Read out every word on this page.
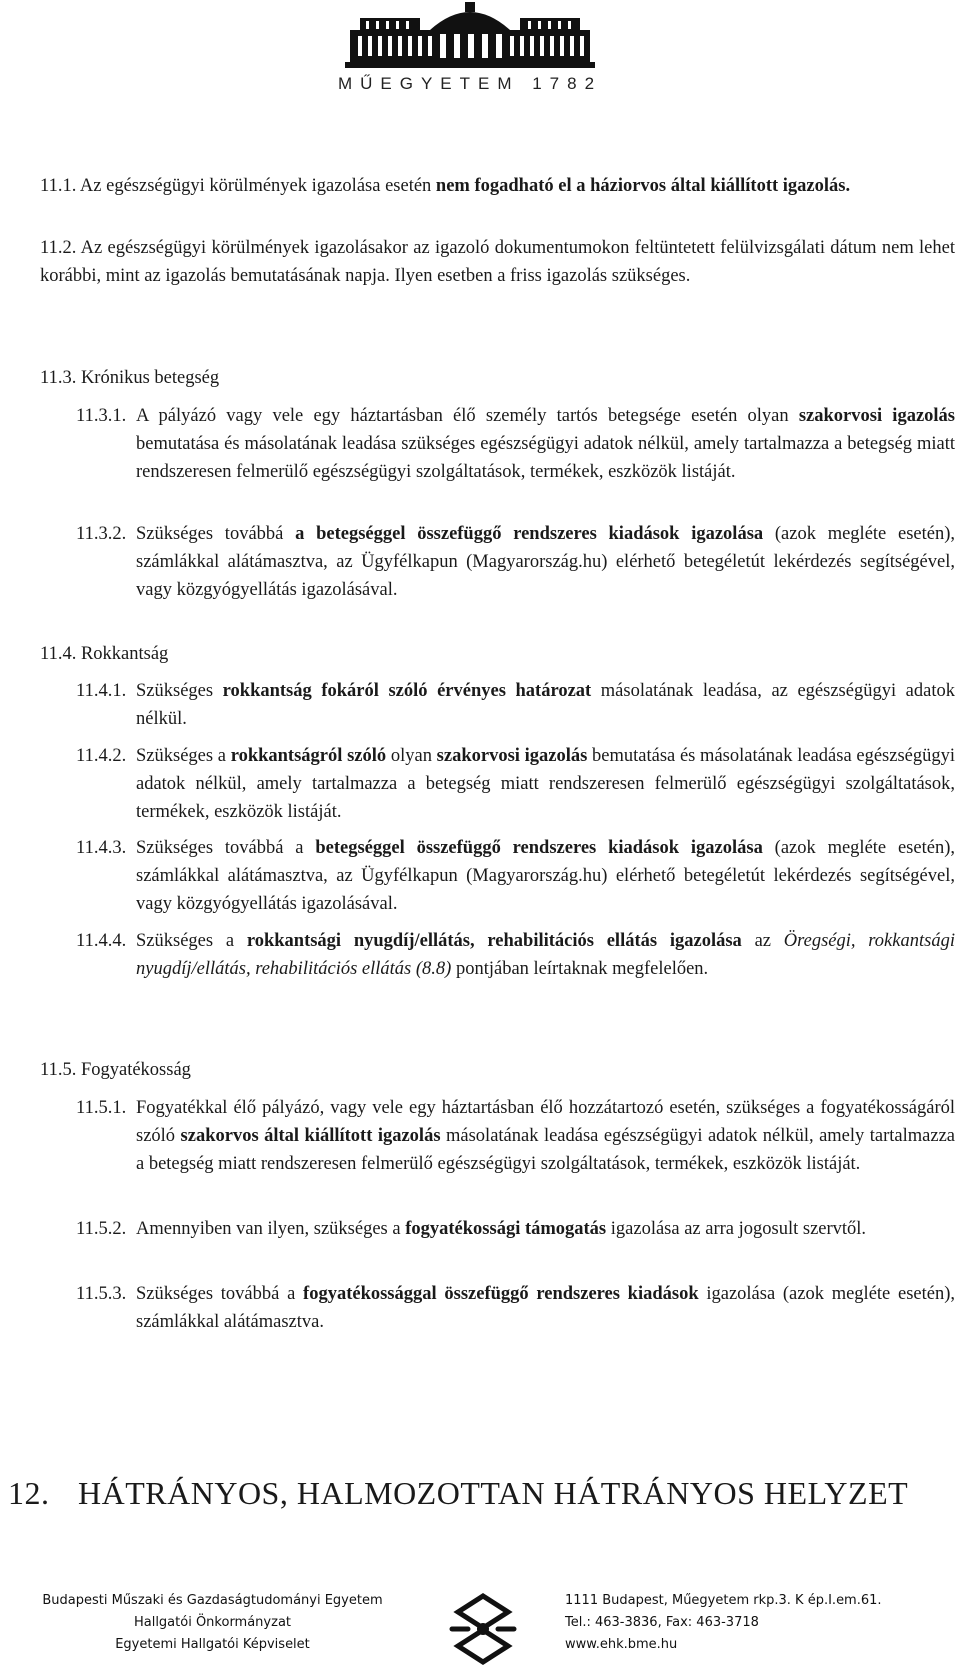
MŰEGYETEM 1782

11.1. Az egészségügyi körülmények igazolása esetén nem fogadható el a háziorvos által kiállított igazolás.

11.2. Az egészségügyi körülmények igazolásakor az igazoló dokumentumokon feltüntetett felülvizsgálati dátum nem lehet korábbi, mint az igazolás bemutatásának napja. Ilyen esetben a friss igazolás szükséges.

11.3. Krónikus betegség

11.3.1. A pályázó vagy vele egy háztartásban élő személy tartós betegsége esetén olyan szakorvosi igazolás bemutatása és másolatának leadása szükséges egészségügyi adatok nélkül, amely tartalmazza a betegség miatt rendszeresen felmerülő egészségügyi szolgáltatások, termékek, eszközök listáját.
11.3.2. Szükséges továbbá a betegséggel összefüggő rendszeres kiadások igazolása (azok megléte esetén), számlákkal alátámasztva, az Ügyfélkapun (Magyarország.hu) elérhető betegéletút lekérdezés segítségével, vagy közgyógyellátás igazolásával.

11.4. Rokkantság

11.4.1. Szükséges rokkantság fokáról szóló érvényes határozat másolatának leadása, az egészségügyi adatok nélkül.
11.4.2. Szükséges a rokkantságról szóló olyan szakorvosi igazolás bemutatása és másolatának leadása egészségügyi adatok nélkül, amely tartalmazza a betegség miatt rendszeresen felmerülő egészségügyi szolgáltatások, termékek, eszközök listáját.
11.4.3. Szükséges továbbá a betegséggel összefüggő rendszeres kiadások igazolása (azok megléte esetén), számlákkal alátámasztva, az Ügyfélkapun (Magyarország.hu) elérhető betegéletút lekérdezés segítségével, vagy közgyógyellátás igazolásával.
11.4.4. Szükséges a rokkantsági nyugdíj/ellátás, rehabilitációs ellátás igazolása az Öregségi, rokkantsági nyugdíj/ellátás, rehabilitációs ellátás (8.8) pontjában leírtaknak megfelelően.

11.5. Fogyatékosság

11.5.1. Fogyatékkal élő pályázó, vagy vele egy háztartásban élő hozzátartozó esetén, szükséges a fogyatékosságáról szóló szakorvos által kiállított igazolás másolatának leadása egészségügyi adatok nélkül, amely tartalmazza a betegség miatt rendszeresen felmerülő egészségügyi szolgáltatások, termékek, eszközök listáját.
11.5.2. Amennyiben van ilyen, szükséges a fogyatékossági támogatás igazolása az arra jogosult szervtől.
11.5.3. Szükséges továbbá a fogyatékossággal összefüggő rendszeres kiadások igazolása (azok megléte esetén), számlákkal alátámasztva.
12. HÁTRÁNYOS, HALMOZOTTAN HÁTRÁNYOS HELYZET
Budapesti Műszaki és Gazdaságtudományi Egyetem
Hallgatói Önkormányzat
Egyetemi Hallgatói Képviselet
1111 Budapest, Műegyetem rkp.3. K ép.I.em.61.
Tel.: 463-3836, Fax: 463-3718
www.ehk.bme.hu
